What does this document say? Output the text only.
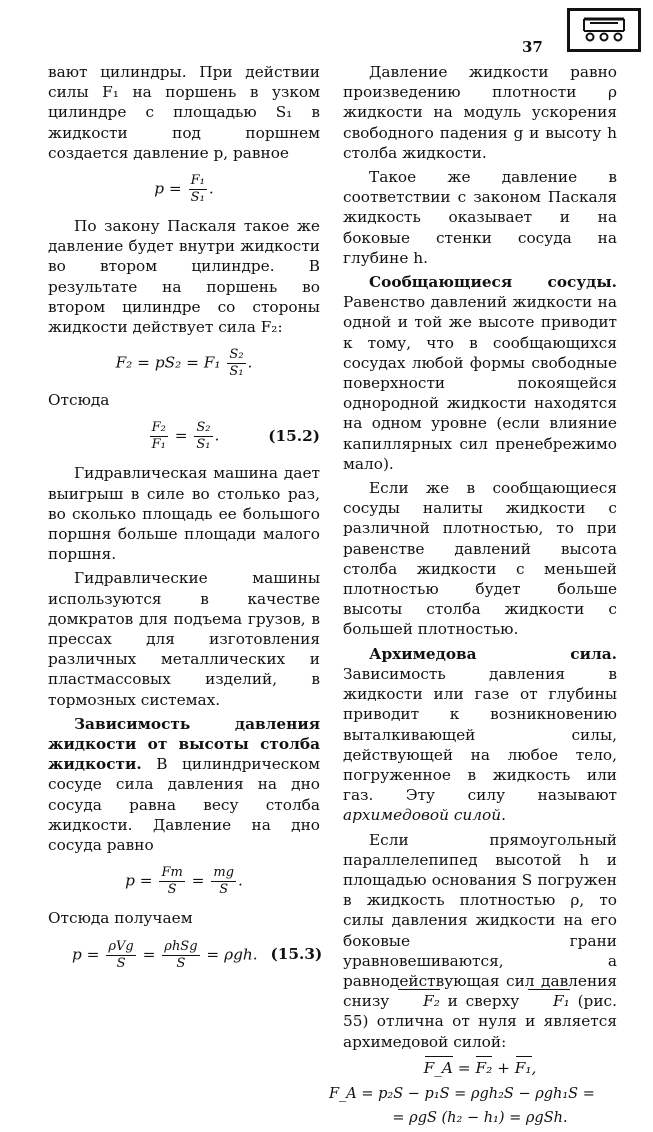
37

вают цилиндры. При действии силы F₁ на поршень в узком цилиндре с площадью S₁ в жидкости под поршнем создается давление p, равное

$p = \frac{\text{F₁}}{\text{S₁}}$ .

По закону Паскаля такое же давление будет внутри жидкости во втором цилиндре. В результате на поршень во втором цилиндре со стороны жидкости действует сила F₂:

$F_2 = pS_2 = F_1 \frac{\text{S₂}}{\text{S₁}}$ .

Отсюда

$\frac{\text{F₂}}{\text{F₁}} = \frac{\text{S₂}}{\text{S₁}}$ .	(15.2)

Гидравлическая машина дает выигрыш в силе во столько раз, во сколько площадь ее большого поршня больше площади малого поршня.

Гидравлические машины используются в качестве домкратов для подъема грузов, в прессах для изготовления различных металлических и пластмассовых изделий, в тормозных системах.

Зависимость давления жидкости от высоты столба жидкости. В цилиндрическом сосуде сила давления на дно сосуда равна весу столба жидкости. Давление на дно сосуда равно

$p = \frac{Fт}{S} = \frac{mg}{S}$ .

Отсюда получаем

$p = \frac{\text{ρVg}}{S} = \frac{\text{ρhSg}}{S} = \rho gh$. (15.3)

Давление жидкости равно произведению плотности ρ жидкости на модуль ускорения свободного падения g и высоту h столба жидкости.

Такое же давление в соответствии с законом Паскаля жидкость оказывает и на боковые стенки сосуда на глубине h.

Сообщающиеся сосуды. Равенство давлений жидкости на одной и той же высоте приводит к тому, что в сообщающихся сосудах любой формы свободные поверхности покоящейся однородной жидкости находятся на одном уровне (если влияние капиллярных сил пренебрежимо мало).

Если же в сообщающиеся сосуды налиты жидкости с различной плотностью, то при равенстве давлений высота столба жидкости с меньшей плотностью будет больше высоты столба жидкости с большей плотностью.

Архимедова сила. Зависимость давления в жидкости или газе от глубины приводит к возникновению выталкивающей силы, действующей на любое тело, погруженное в жидкость или газ. Эту силу называют архимедовой силой.

Если прямоугольный параллелепипед высотой h и площадью основания S погружен в жидкость плотностью ρ, то силы давления жидкости на его боковые грани уравновешиваются, а равнодействующая сил давления снизу F₂ и сверху F₁ (рис. 55) отлична от нуля и является архимедовой силой:

F_A = F₂ + F₁,
F_A = p₂S − p₁S = ρgh₂S − ρgh₁S =
= ρgS (h₂ − h₁) = ρgSh.
